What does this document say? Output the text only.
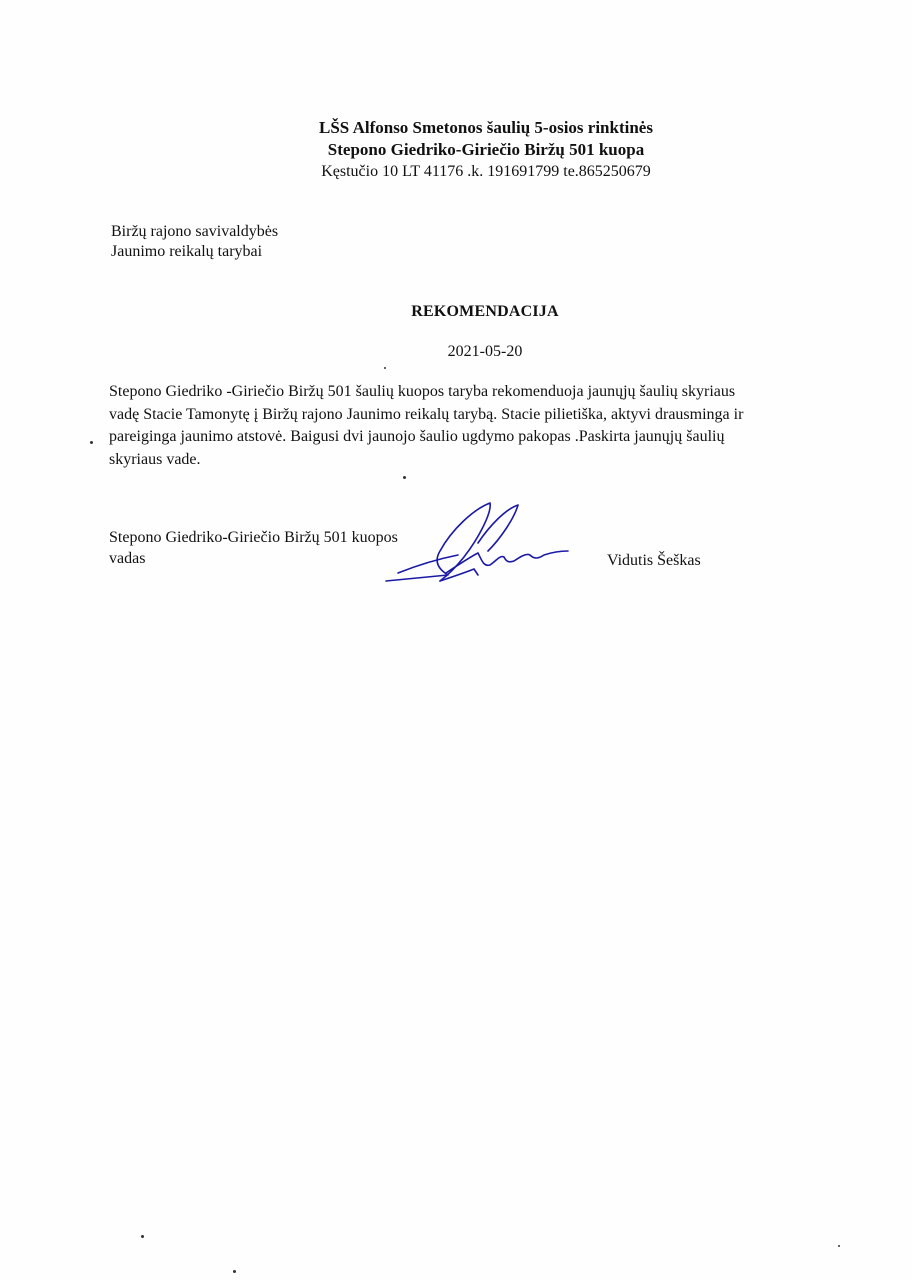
LŠS Alfonso Smetonos šaulių 5-osios rinktinės
Stepono Giedriko-Giriečio Biržų 501 kuopa
Kęstučio 10 LT 41176 .k. 191691799 te.865250679
Biržų rajono savivaldybės
Jaunimo reikalų tarybai
REKOMENDACIJA
2021-05-20
Stepono Giedriko -Giriečio Biržų 501 šaulių kuopos taryba rekomenduoja jaunųjų šaulių skyriaus
vadę Stacie Tamonytę į Biržų rajono Jaunimo reikalų tarybą. Stacie pilietiška, aktyvi drausminga ir
pareiginga jaunimo atstovė. Baigusi dvi jaunojo šaulio ugdymo pakopas .Paskirta jaunųjų šaulių
skyriaus vade.
Stepono Giedriko-Giriečio Biržų 501 kuopos
vadas	Vidutis Šeškas
